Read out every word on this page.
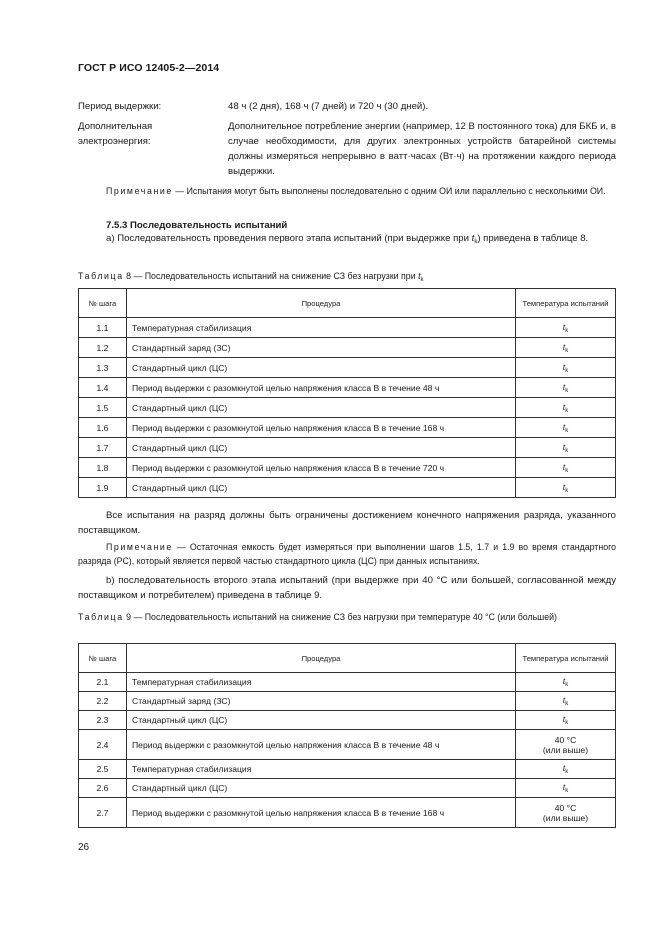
ГОСТ Р ИСО 12405-2—2014
Период выдержки:	48 ч (2 дня), 168 ч (7 дней) и 720 ч (30 дней).
Дополнительная электроэнергия:
Дополнительное потребление энергии (например, 12 В постоянного тока) для БКБ и, в случае необходимости, для других электронных устройств батарейной системы должны измеряться непрерывно в ватт·часах (Вт·ч) на протяжении каждого периода выдержки.
Примечание — Испытания могут быть выполнены последовательно с одним ОИ или параллельно с несколькими ОИ.
7.5.3 Последовательность испытаний
a) Последовательность проведения первого этапа испытаний (при выдержке при $t_k$) приведена в таблице 8.
Таблица 8 — Последовательность испытаний на снижение СЗ без нагрузки при $t_k$
№ шага	Процедура	Температура испытаний
1.1	Температурная стабилизация	$t_k$
1.2	Стандартный заряд (ЗС)	$t_k$
1.3	Стандартный цикл (ЦС)	$t_k$
1.4	Период выдержки с разомкнутой целью напряжения класса В в течение 48 ч	$t_k$
1.5	Стандартный цикл (ЦС)	$t_k$
1.6	Период выдержки с разомкнутой целью напряжения класса В в течение 168 ч	$t_k$
1.7	Стандартный цикл (ЦС)	$t_k$
1.8	Период выдержки с разомкнутой целью напряжения класса В в течение 720 ч	$t_k$
1.9	Стандартный цикл (ЦС)	$t_k$
Все испытания на разряд должны быть ограничены достижением конечного напряжения разряда, указанного поставщиком.
Примечание — Остаточная емкость будет измеряться при выполнении шагов 1.5, 1.7 и 1.9 во время стандартного разряда (РС), который является первой частью стандартного цикла (ЦС) при данных испытаниях.
b) последовательность второго этапа испытаний (при выдержке при 40 °С или большей, согласованной между поставщиком и потребителем) приведена в таблице 9.
Таблица 9 — Последовательность испытаний на снижение СЗ без нагрузки при температуре 40 °С (или большей)
№ шага	Процедура	Температура испытаний
2.1	Температурная стабилизация	$t_k$
2.2	Стандартный заряд (ЗС)	$t_k$
2.3	Стандартный цикл (ЦС)	$t_k$
2.4	Период выдержки с разомкнутой целью напряжения класса В в течение 48 ч	40 °С
(или выше)
2.5	Температурная стабилизация	$t_k$
2.6	Стандартный цикл (ЦС)	$t_k$
2.7	Период выдержки с разомкнутой целью напряжения класса В в течение 168 ч	40 °С
(или выше)
26
